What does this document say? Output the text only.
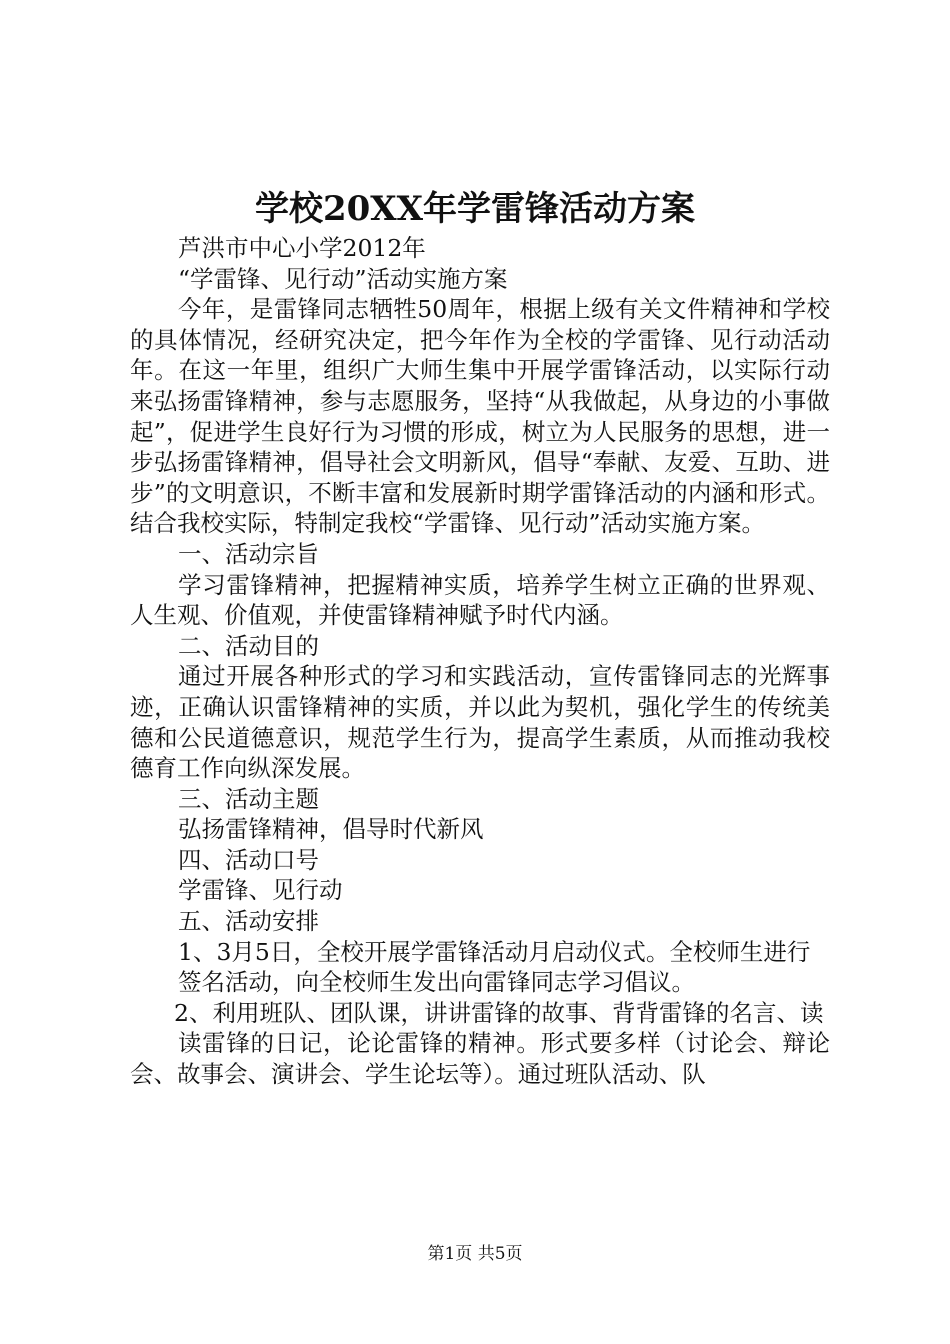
学校20XX年学雷锋活动方案

芦洪市中心小学2012年

“学雷锋、见行动”活动实施方案

今年，是雷锋同志牺牲50周年，根据上级有关文件精神和学校的具体情况，经研究决定，把今年作为全校的学雷锋、见行动活动年。在这一年里，组织广大师生集中开展学雷锋活动，以实际行动来弘扬雷锋精神，参与志愿服务，坚持“从我做起，从身边的小事做起”，促进学生良好行为习惯的形成，树立为人民服务的思想，进一步弘扬雷锋精神，倡导社会文明新风，倡导“奉献、友爱、互助、进步”的文明意识，不断丰富和发展新时期学雷锋活动的内涵和形式。结合我校实际，特制定我校“学雷锋、见行动”活动实施方案。

一、活动宗旨

学习雷锋精神，把握精神实质，培养学生树立正确的世界观、人生观、价值观，并使雷锋精神赋予时代内涵。

二、活动目的

通过开展各种形式的学习和实践活动，宣传雷锋同志的光辉事迹，正确认识雷锋精神的实质，并以此为契机，强化学生的传统美德和公民道德意识，规范学生行为，提高学生素质，从而推动我校德育工作向纵深发展。

三、活动主题

弘扬雷锋精神，倡导时代新风

四、活动口号

学雷锋、见行动

五、活动安排

1、3月5日，全校开展学雷锋活动月启动仪式。全校师生进行

签名活动，向全校师生发出向雷锋同志学习倡议。

2、利用班队、团队课，讲讲雷锋的故事、背背雷锋的名言、读

读雷锋的日记，论论雷锋的精神。形式要多样（讨论会、辩论会、故事会、演讲会、学生论坛等）。通过班队活动、队

第1页 共5页
